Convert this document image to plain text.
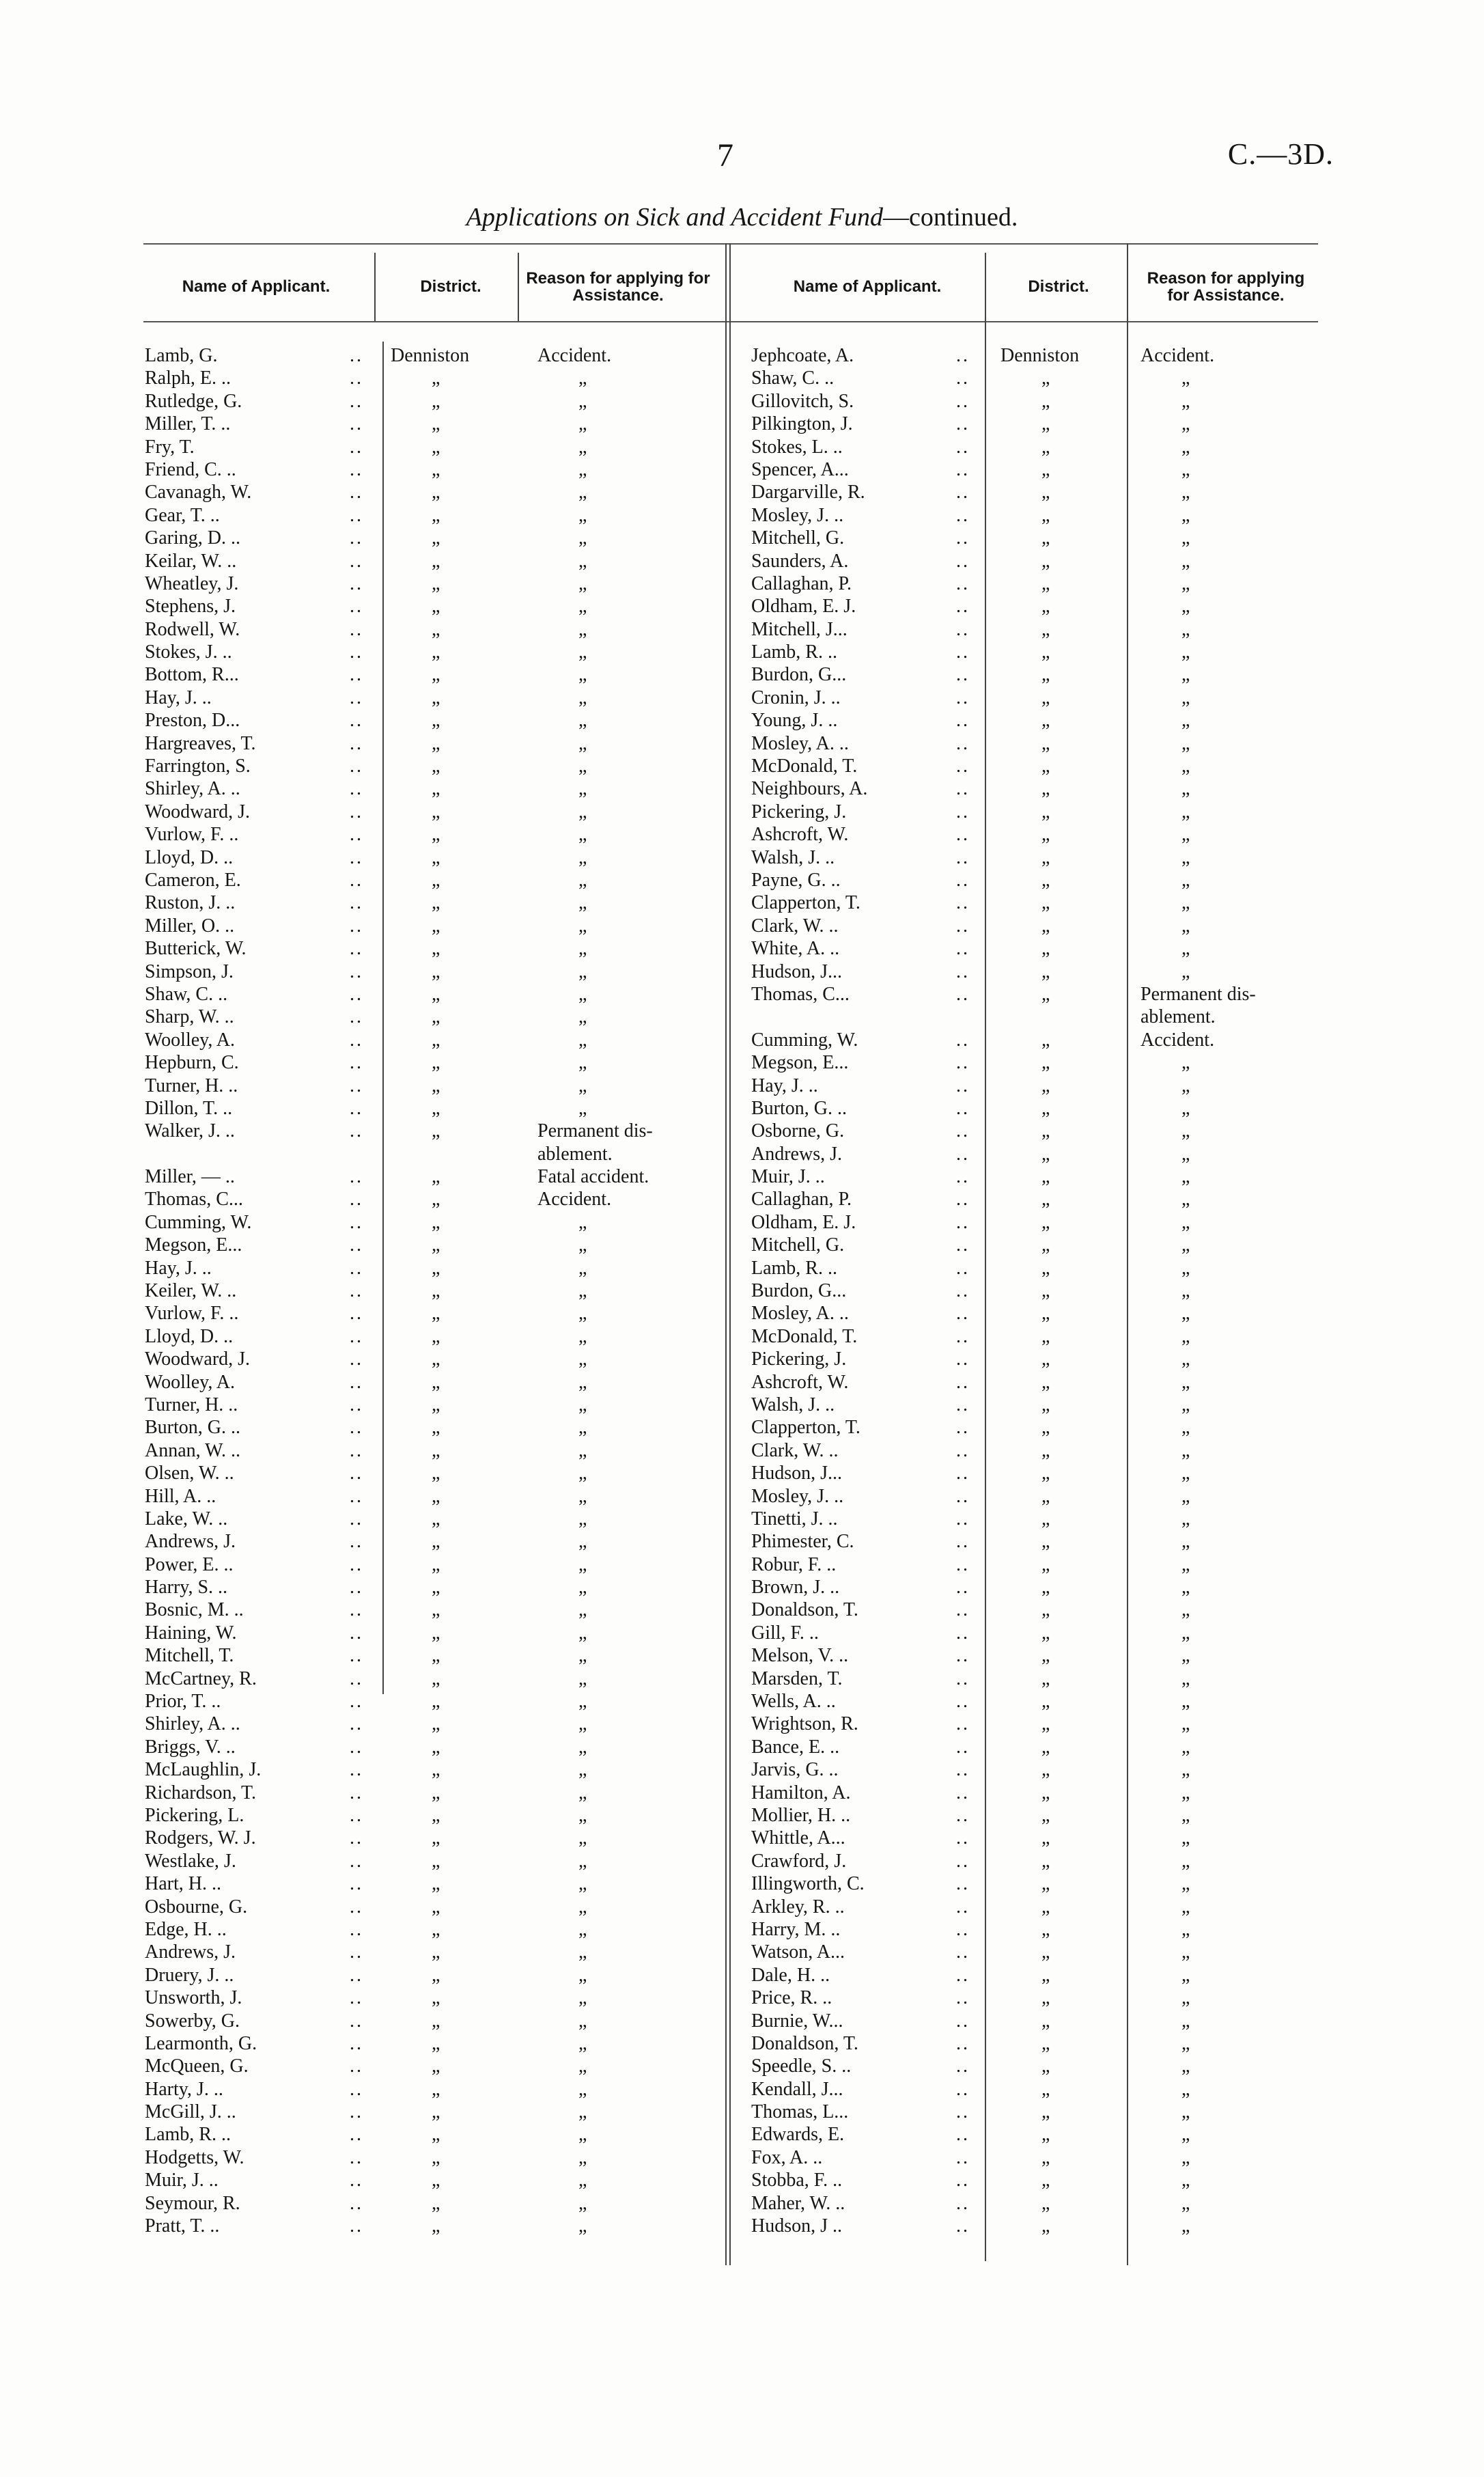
7	C.—3D.
Applications on Sick and Accident Fund—continued.
Name of Applicant.	District.	Reason for applying for Assistance.	Name of Applicant.	District.	Reason for applying for Assistance.
Lamb, G.	.. Denniston	Accident.
Ralph, E. ..	..	„	„
Rutledge, G.	..	„	„
Miller, T. ..	..	„	„
Fry, T.	..	„	„
Friend, C. ..	..	„	„
Cavanagh, W.	..	„	„
Gear, T. ..	..	„	„
Garing, D. ..	..	„	„
Keilar, W. ..	..	„	„
Wheatley, J.	..	„	„
Stephens, J.	..	„	„
Rodwell, W.	..	„	„
Stokes, J. ..	..	„	„
Bottom, R...	..	„	„
Hay, J. ..	..	„	„
Preston, D...	..	„	„
Hargreaves, T.	..	„	„
Farrington, S.	..	„	„
Shirley, A. ..	..	„	„
Woodward, J.	..	„	„
Vurlow, F. ..	..	„	„
Lloyd, D. ..	..	„	„
Cameron, E.	..	„	„
Ruston, J. ..	..	„	„
Miller, O. ..	..	„	„
Butterick, W.	..	„	„
Simpson, J.	..	„	„
Shaw, C. ..	..	„	„
Sharp, W. ..	..	„	„
Woolley, A.	..	„	„
Hepburn, C.	..	„	„
Turner, H. ..	..	„	„
Dillon, T. ..	..	„	„
Walker, J. ..	..	„	Permanent dis-
ablement.
Miller, — ..	..	„	Fatal accident.
Thomas, C...	..	„	Accident.
Cumming, W.	..	„	„
Megson, E...	..	„	„
Hay, J. ..	..	„	„
Keiler, W. ..	..	„	„
Vurlow, F. ..	..	„	„
Lloyd, D. ..	..	„	„
Woodward, J.	..	„	„
Woolley, A.	..	„	„
Turner, H. ..	..	„	„
Burton, G. ..	..	„	„
Annan, W. ..	..	„	„
Olsen, W. ..	..	„	„
Hill, A. ..	..	„	„
Lake, W. ..	..	„	„
Andrews, J.	..	„	„
Power, E. ..	..	„	„
Harry, S. ..	..	„	„
Bosnic, M. ..	..	„	„
Haining, W.	..	„	„
Mitchell, T.	..	„	„
McCartney, R.	..	„	„
Prior, T. ..	..	„	„
Shirley, A. ..	..	„	„
Briggs, V. ..	..	„	„
McLaughlin, J.	..	„	„
Richardson, T.	..	„	„
Pickering, L.	..	„	„
Rodgers, W. J.	..	„	„
Westlake, J.	..	„	„
Hart, H. ..	..	„	„
Osbourne, G.	..	„	„
Edge, H. ..	..	„	„
Andrews, J.	..	„	„
Druery, J. ..	..	„	„
Unsworth, J.	..	„	„
Sowerby, G.	..	„	„
Learmonth, G.	..	„	„
McQueen, G.	..	„	„
Harty, J. ..	..	„	„
McGill, J. ..	..	„	„
Lamb, R. ..	..	„	„
Hodgetts, W.	..	„	„
Muir, J. ..	..	„	„
Seymour, R.	..	„	„
Pratt, T. ..	..	„	„
Jephcoate, A.	.. Denniston	Accident.
Shaw, C. ..	..	„	„
Gillovitch, S.	..	„	„
Pilkington, J.	..	„	„
Stokes, L. ..	..	„	„
Spencer, A...	..	„	„
Dargarville, R.	..	„	„
Mosley, J. ..	..	„	„
Mitchell, G.	..	„	„
Saunders, A.	..	„	„
Callaghan, P.	..	„	„
Oldham, E. J.	..	„	„
Mitchell, J...	..	„	„
Lamb, R. ..	..	„	„
Burdon, G...	..	„	„
Cronin, J. ..	..	„	„
Young, J. ..	..	„	„
Mosley, A. ..	..	„	„
McDonald, T.	..	„	„
Neighbours, A.	..	„	„
Pickering, J.	..	„	„
Ashcroft, W.	..	„	„
Walsh, J. ..	..	„	„
Payne, G. ..	..	„	„
Clapperton, T.	..	„	„
Clark, W. ..	..	„	„
White, A. ..	..	„	„
Hudson, J...	..	„	„
Thomas, C...	..	„	Permanent dis-
ablement.
Cumming, W.	..	„	Accident.
Megson, E...	..	„	„
Hay, J. ..	..	„	„
Burton, G. ..	..	„	„
Osborne, G.	..	„	„
Andrews, J.	..	„	„
Muir, J. ..	..	„	„
Callaghan, P.	..	„	„
Oldham, E. J.	..	„	„
Mitchell, G.	..	„	„
Lamb, R. ..	..	„	„
Burdon, G...	..	„	„
Mosley, A. ..	..	„	„
McDonald, T.	..	„	„
Pickering, J.	..	„	„
Ashcroft, W.	..	„	„
Walsh, J. ..	..	„	„
Clapperton, T.	..	„	„
Clark, W. ..	..	„	„
Hudson, J...	..	„	„
Mosley, J. ..	..	„	„
Tinetti, J. ..	..	„	„
Phimester, C.	..	„	„
Robur, F. ..	..	„	„
Brown, J. ..	..	„	„
Donaldson, T.	..	„	„
Gill, F. ..	..	„	„
Melson, V. ..	..	„	„
Marsden, T.	..	„	„
Wells, A. ..	..	„	„
Wrightson, R.	..	„	„
Bance, E. ..	..	„	„
Jarvis, G. ..	..	„	„
Hamilton, A.	..	„	„
Mollier, H. ..	..	„	„
Whittle, A...	..	„	„
Crawford, J.	..	„	„
Illingworth, C.	..	„	„
Arkley, R. ..	..	„	„
Harry, M. ..	..	„	„
Watson, A...	..	„	„
Dale, H. ..	..	„	„
Price, R. ..	..	„	„
Burnie, W...	..	„	„
Donaldson, T.	..	„	„
Speedle, S. ..	..	„	„
Kendall, J...	..	„	„
Thomas, L...	..	„	„
Edwards, E.	..	„	„
Fox, A. ..	..	„	„
Stobba, F. ..	..	„	„
Maher, W. ..	..	„	„
Hudson, J ..	..	„	„
